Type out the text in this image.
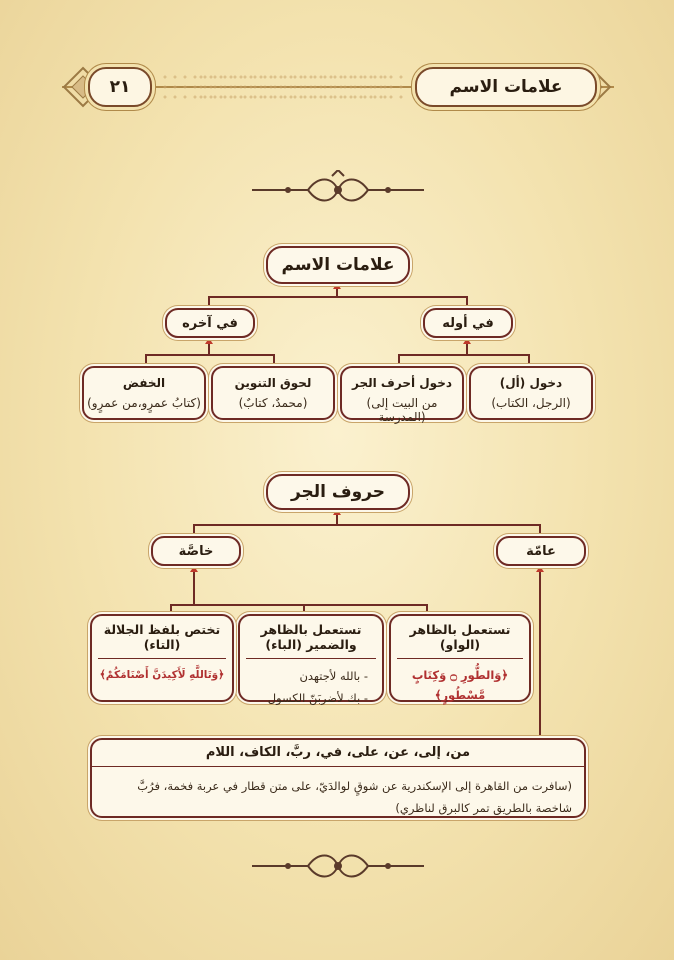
٢١	علامات الاسم
علامات الاسم
في أوله
في آخره
دخول (أل)
(الرجل، الكتاب)
دخول أحرف الجر
(من البيت إلى المدرسة)
لحوق التنوين
(محمدٌ، كتابٌ)
الخفض
(كتابُ عمرٍو،من عمرٍو)
حروف الجر
عامّة
خاصَّة
تستعمل بالظاهر (الواو)
﴿وَالطُّورِ ۝ وَكِتَابٍ مَّسْطُورٍ﴾
تستعمل بالظاهر والضمير (الباء)
- بالله لأجتهدن
- بك لأضربَنّ الكسول
تختص بلفظ الجلالة (التاء)
﴿وَتَاللَّهِ لَأَكِيدَنَّ أَصْنَامَكُمْ﴾
من، إلى، عن، على، في، ربَّ، الكاف، اللام
(سافرت من القاهرة إلى الإسكندرية عن شوقٍ لوالدَيّ، على متن قطار في عربة فخمة، فرُبَّ شاخصة بالطريق تمر كالبرق لناظري)
